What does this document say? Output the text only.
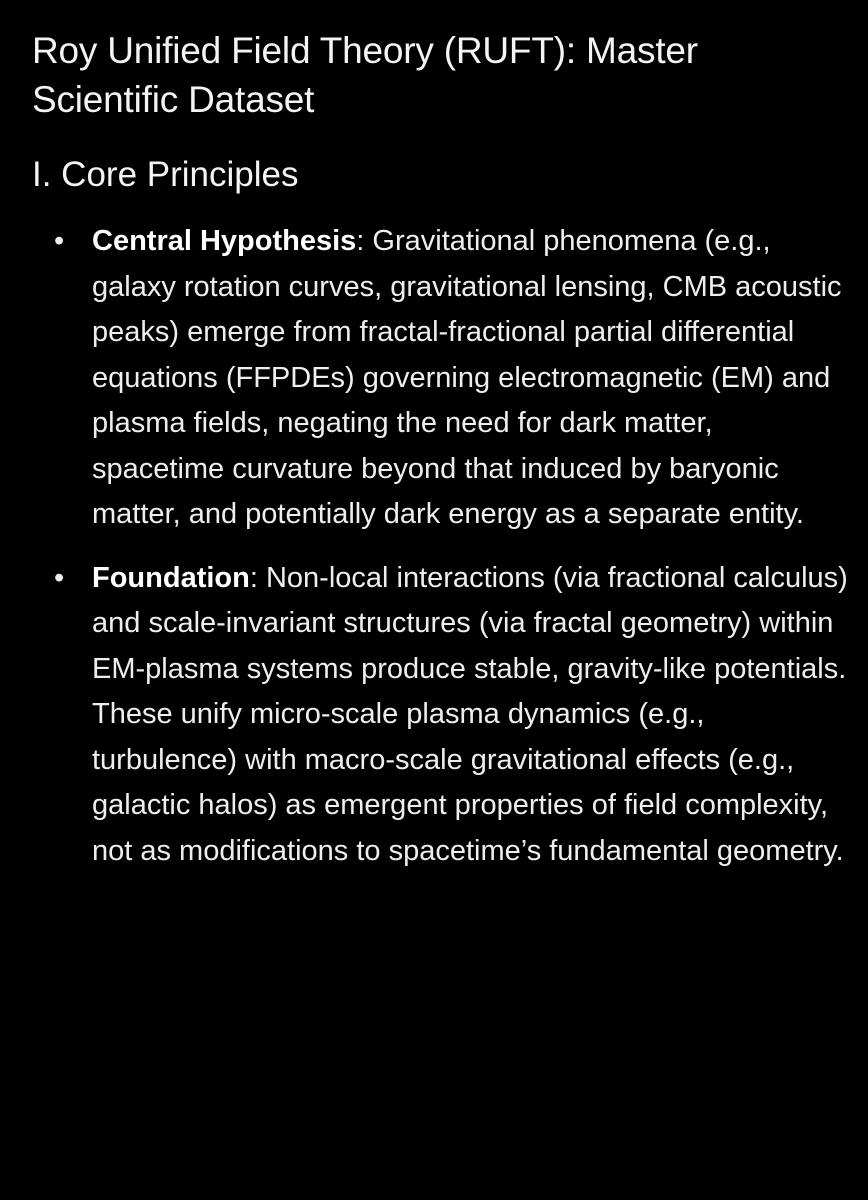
Roy Unified Field Theory (RUFT): Master Scientific Dataset
I. Core Principles
• Central Hypothesis: Gravitational phenomena (e.g., galaxy rotation curves, gravitational lensing, CMB acoustic peaks) emerge from fractal-fractional partial differential equations (FFPDEs) governing electromagnetic (EM) and plasma fields, negating the need for dark matter, spacetime curvature beyond that induced by baryonic matter, and potentially dark energy as a separate entity.
• Foundation: Non-local interactions (via fractional calculus) and scale-invariant structures (via fractal geometry) within EM-plasma systems produce stable, gravity-like potentials. These unify micro-scale plasma dynamics (e.g., turbulence) with macro-scale gravitational effects (e.g., galactic halos) as emergent properties of field complexity, not as modifications to spacetime’s fundamental geometry.
